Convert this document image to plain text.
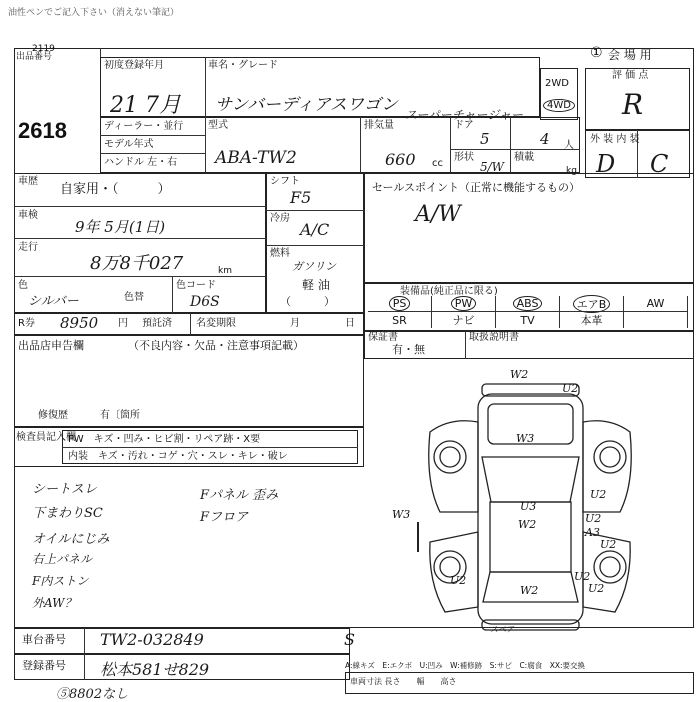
油性ペンでご記入下さい（消えない筆記）
出品番号
2119
2618
① 会 場 用
初度登録年月
21 7月
車名・グレード
サンバーディアスワゴン スーパーチャージャー
2WD
4WD
評 価 点
R
ディーラー・並行
モデル年式
ハンドル 左・右
型式
ABA-TW2
排気量
660 cc
ドア
5	4 人
形状
5/W
積載
kg
外 装 内 装
D C
車歴
自家用・（　　　）
車検
9年 5月(1日)
走行
8万8千027	km
色
シルバー	色替
色コード
D6S
シフト
F5
冷房
A/C
燃料
ガソリン
軽 油
（　　　）
セールスポイント（正常に機能するもの）
A/W
装備品(純正品に限る)
PS	PW	ABS	エアB	AW
SR	ナビ	TV	本革
R券 8950 円 預託済 名変期限	月	日
保証書
有・無
取扱説明書
出品店申告欄	（不良内容・欠品・注意事項記載）
修復歴	有〔箇所
検査員記入欄
FW　キズ・凹み・ヒビ割・リペア跡・X要
内装　キズ・汚れ・コゲ・穴・スレ・キレ・破レ
シートスレ
下まわりSC
オイルにじみ
右上パネル
F内ストン
外AW？
Fパネル 歪み
Fフロア
W2
U2
W3
U2
U3
W2
W3	U2
A3
U2
U2
W2
U2
U2
スペア
車台番号 TW2-032849
登録番号 松本581せ829
⑤8802なし
S
A:線キズ　E:エクボ　U:凹み　W:補修跡　S:サビ　C:腐食　XX:要交換
車両寸法 長さ　　幅　　高さ
